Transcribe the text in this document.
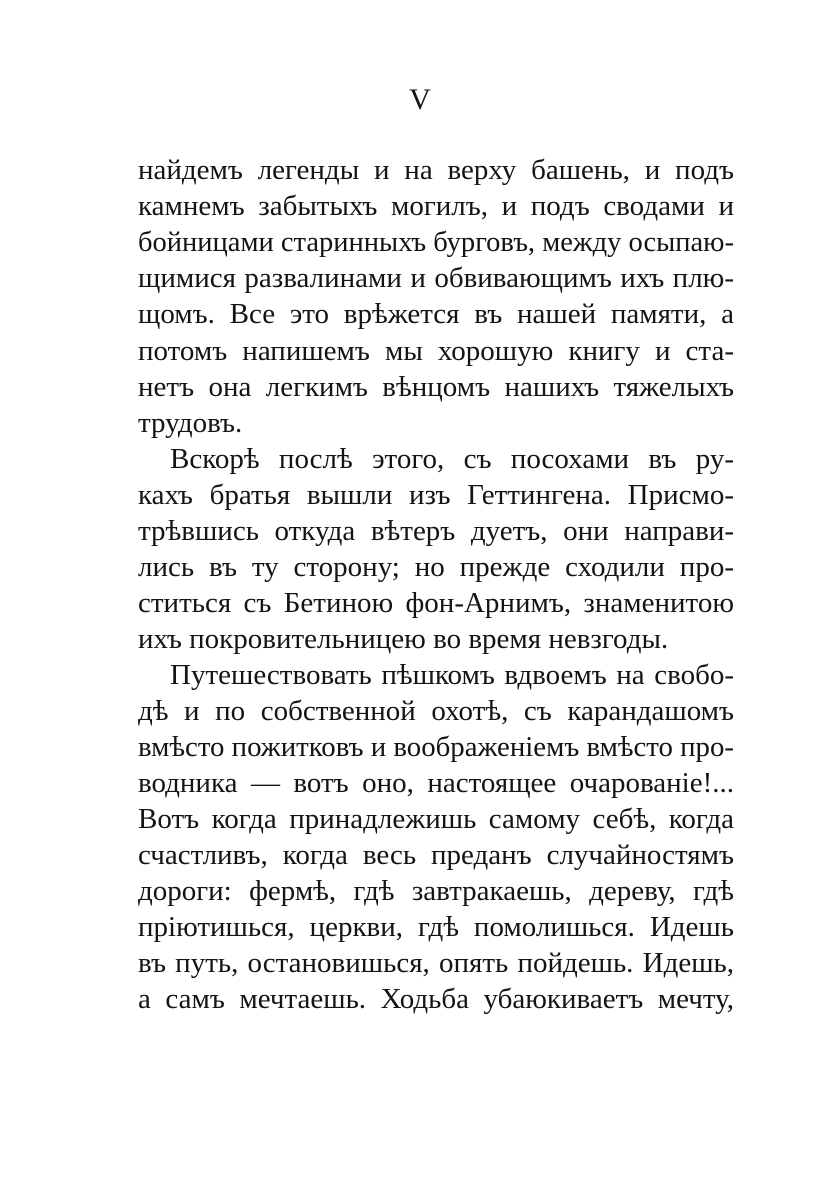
V
найдемъ легенды и на верху башень, и подъ
камнемъ забытыхъ могилъ, и подъ сводами и
бойницами старинныхъ бурговъ, между осыпаю-
щимися развалинами и обвивающимъ ихъ плю-
щомъ. Все это врѣжется въ нашей памяти, а
потомъ напишемъ мы хорошую книгу и ста-
нетъ она легкимъ вѣнцомъ нашихъ тяжелыхъ
трудовъ.
Вскорѣ послѣ этого, съ посохами въ ру-
кахъ братья вышли изъ Геттингена. Присмо-
трѣвшись откуда вѣтеръ дуетъ, они направи-
лись въ ту сторону; но прежде сходили про-
ститься съ Бетиною фон-Арнимъ, знаменитою
ихъ покровительницею во время невзгоды.
Путешествовать пѣшкомъ вдвоемъ на свобо-
дѣ и по собственной охотѣ, съ карандашомъ
вмѣсто пожитковъ и воображеніемъ вмѣсто про-
водника — вотъ оно, настоящее очарованіе!...
Вотъ когда принадлежишь самому себѣ, когда
счастливъ, когда весь преданъ случайностямъ
дороги: фермѣ, гдѣ завтракаешь, дереву, гдѣ
пріютишься, церкви, гдѣ помолишься. Идешь
въ путь, остановишься, опять пойдешь. Идешь,
а самъ мечтаешь. Ходьба убаюкиваетъ мечту,
